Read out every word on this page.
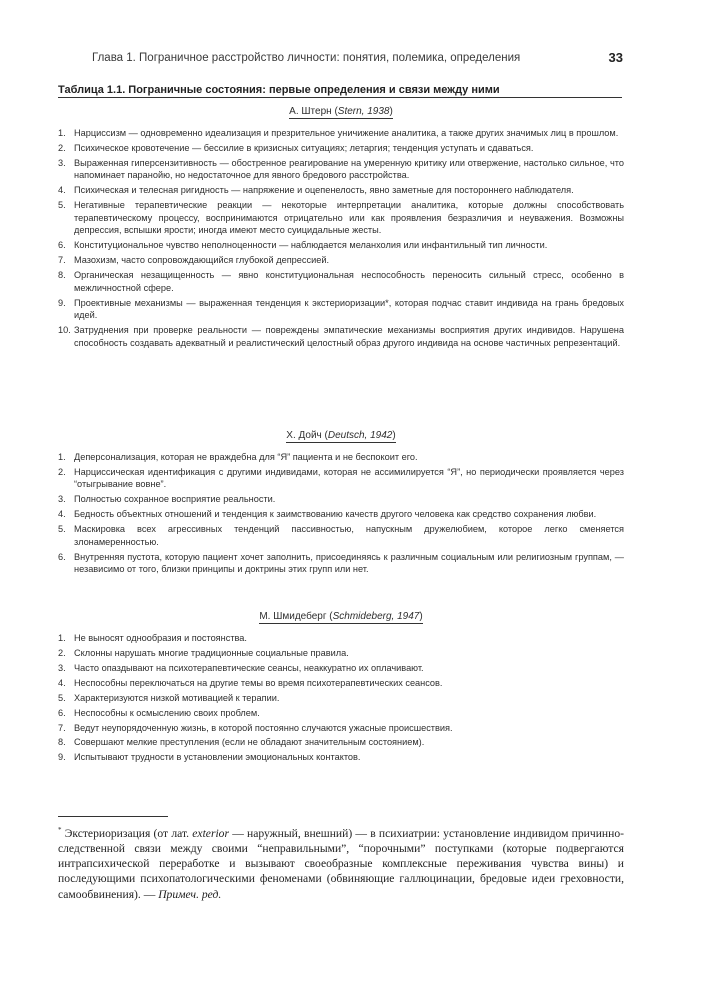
Глава 1. Пограничное расстройство личности: понятия, полемика, определения	33
Таблица 1.1. Пограничные состояния: первые определения и связи между ними
А. Штерн (Stern, 1938)
1. Нарциссизм — одновременно идеализация и презрительное уничижение аналитика, а также других значимых лиц в прошлом.
2. Психическое кровотечение — бессилие в кризисных ситуациях; летаргия; тенденция уступать и сдаваться.
3. Выраженная гиперсензитивность — обостренное реагирование на умеренную критику или отвержение, настолько сильное, что напоминает паранойю, но недостаточное для явного бредового расстройства.
4. Психическая и телесная ригидность — напряжение и оцепенелость, явно заметные для постороннего наблюдателя.
5. Негативные терапевтические реакции — некоторые интерпретации аналитика, которые должны способствовать терапевтическому процессу, воспринимаются отрицательно или как проявления безразличия и неуважения. Возможны депрессия, вспышки ярости; иногда имеют место суицидальные жесты.
6. Конституциональное чувство неполноценности — наблюдается меланхолия или инфантильный тип личности.
7. Мазохизм, часто сопровождающийся глубокой депрессией.
8. Органическая незащищенность — явно конституциональная неспособность переносить сильный стресс, особенно в межличностной сфере.
9. Проективные механизмы — выраженная тенденция к экстериоризации*, которая подчас ставит индивида на грань бредовых идей.
10. Затруднения при проверке реальности — повреждены эмпатические механизмы восприятия других индивидов. Нарушена способность создавать адекватный и реалистический целостный образ другого индивида на основе частичных репрезентаций.
Х. Дойч (Deutsch, 1942)
1. Деперсонализация, которая не враждебна для “Я” пациента и не беспокоит его.
2. Нарциссическая идентификация с другими индивидами, которая не ассимилируется “Я”, но периодически проявляется через “отыгрывание вовне”.
3. Полностью сохранное восприятие реальности.
4. Бедность объектных отношений и тенденция к заимствованию качеств другого человека как средство сохранения любви.
5. Маскировка всех агрессивных тенденций пассивностью, напускным дружелюбием, которое легко сменяется злонамеренностью.
6. Внутренняя пустота, которую пациент хочет заполнить, присоединяясь к различным социальным или религиозным группам, — независимо от того, близки принципы и доктрины этих групп или нет.
М. Шмидеберг (Schmideberg, 1947)
1. Не выносят однообразия и постоянства.
2. Склонны нарушать многие традиционные социальные правила.
3. Часто опаздывают на психотерапевтические сеансы, неаккуратно их оплачивают.
4. Неспособны переключаться на другие темы во время психотерапевтических сеансов.
5. Характеризуются низкой мотивацией к терапии.
6. Неспособны к осмыслению своих проблем.
7. Ведут неупорядоченную жизнь, в которой постоянно случаются ужасные происшествия.
8. Совершают мелкие преступления (если не обладают значительным состоянием).
9. Испытывают трудности в установлении эмоциональных контактов.
* Экстериоризация (от лат. exterior — наружный, внешний) — в психиатрии: установление индивидом причинно-следственной связи между своими “неправильными”, “порочными” поступками (которые подвергаются интрапсихической переработке и вызывают своеобразные комплексные переживания чувства вины) и последующими психопатологическими феноменами (обвиняющие галлюцинации, бредовые идеи греховности, самообвинения). — Примеч. ред.
